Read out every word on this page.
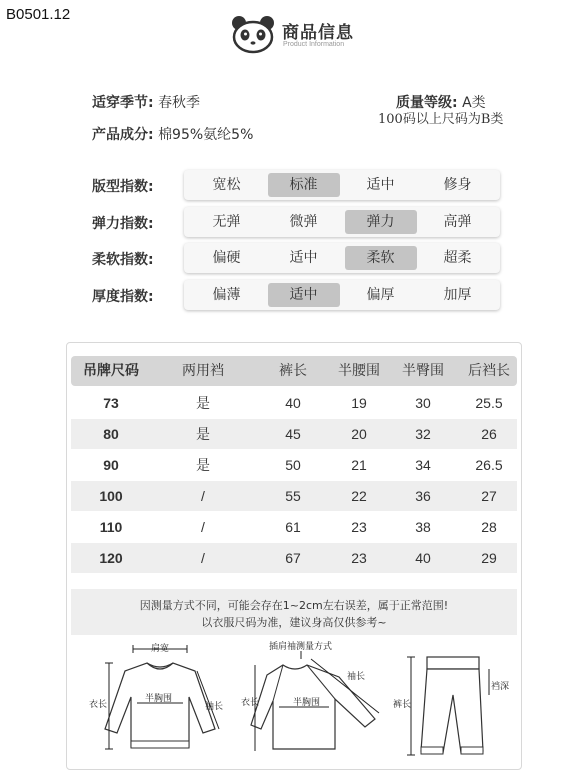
B0501.12
商品信息
Product Information
适穿季节: 春秋季
产品成分: 棉95%氨纶5%
质量等级: A类
100码以上尺码为B类
版型指数:	宽松	标准	适中	修身
弹力指数:	无弹	微弹	弹力	高弹
柔软指数:	偏硬	适中	柔软	超柔
厚度指数:	偏薄	适中	偏厚	加厚
吊牌尺码	两用裆	裤长	半腰围	半臀围	后裆长
73	是	40	19	30	25.5
80	是	45	20	32	26
90	是	50	21	34	26.5
100	/	55	22	36	27
110	/	61	23	38	28
120	/	67	23	40	29
因测量方式不同，可能会存在1~2cm左右误差，属于正常范围!
以衣服尺码为准，建议身高仅供参考~
肩宽
半胸围
衣长	袖长
插肩袖测量方式
半胸围
衣长
袖长
裤长
裆深
